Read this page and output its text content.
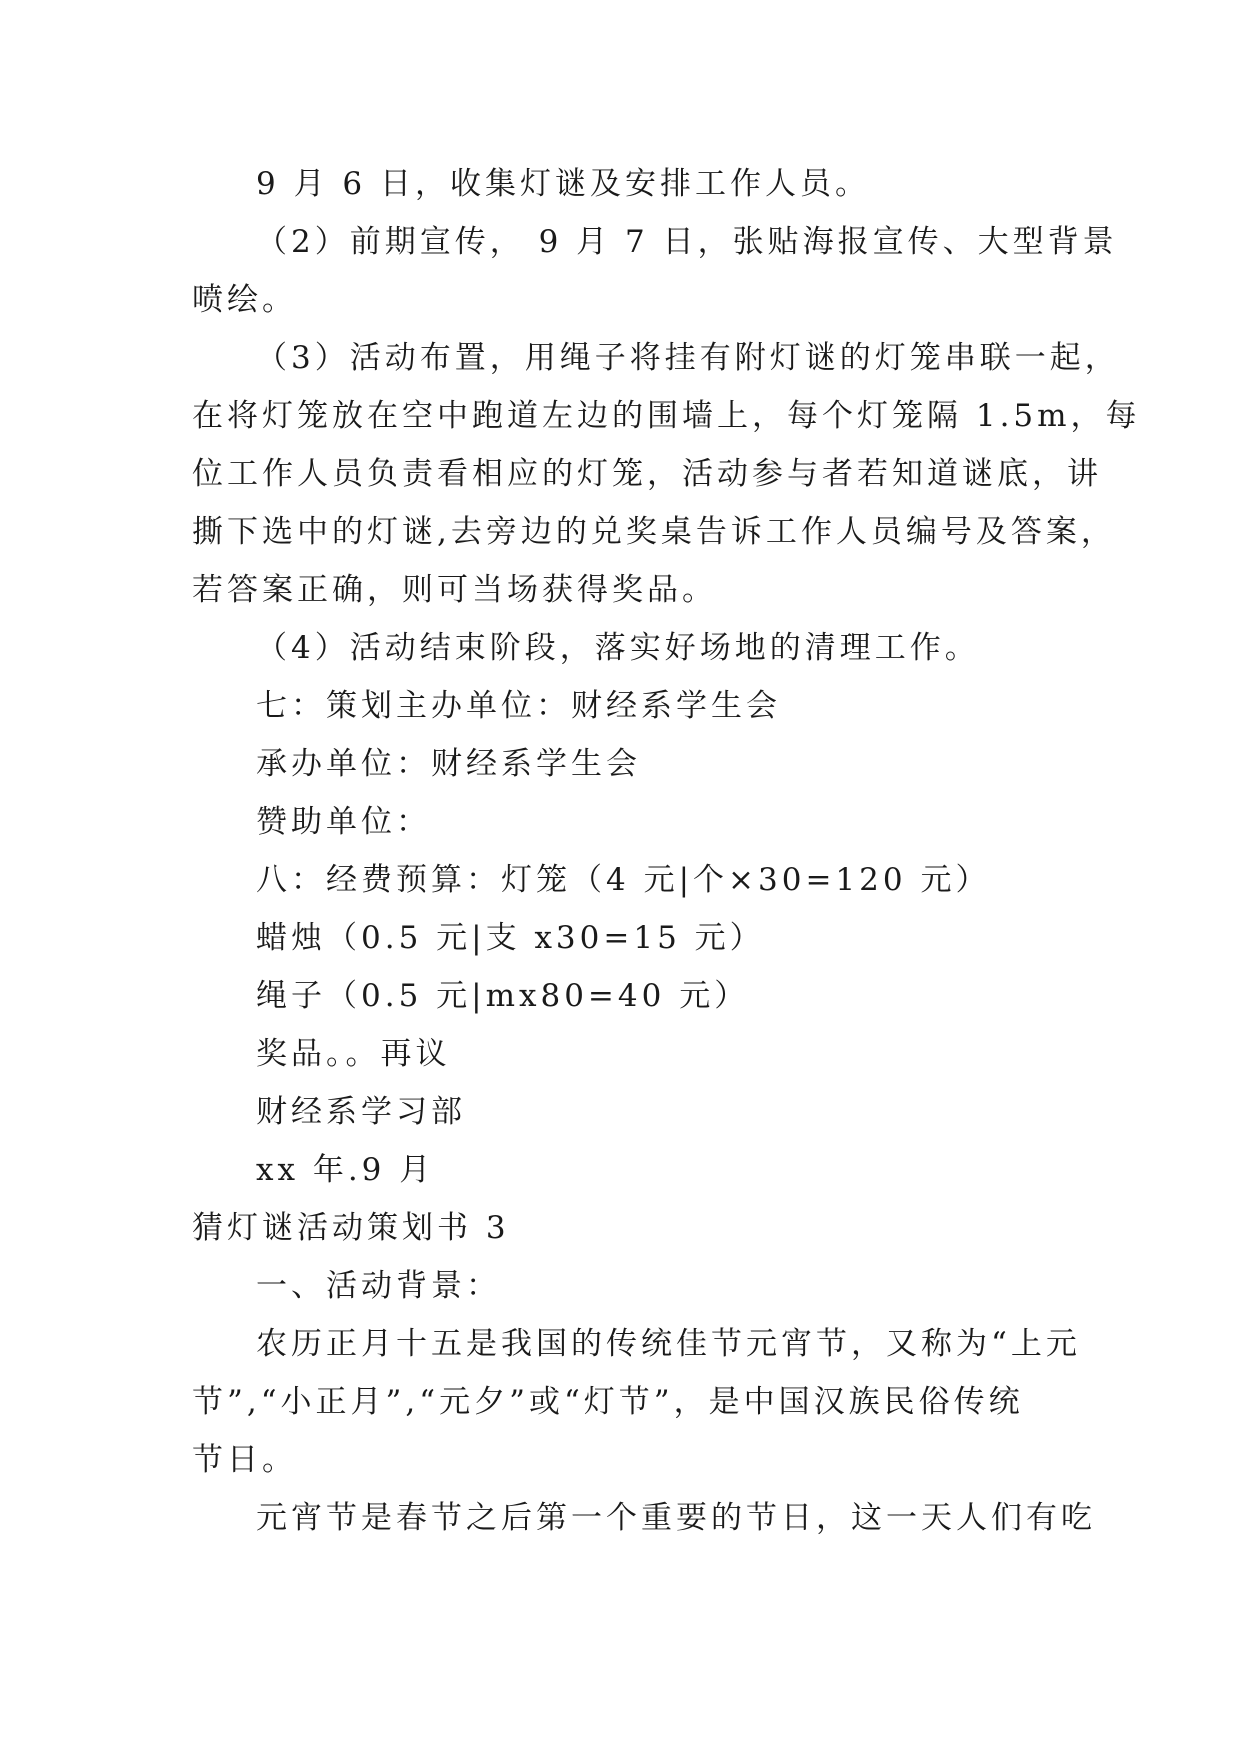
9 月 6 日，收集灯谜及安排工作人员。
（2）前期宣传， 9 月 7 日，张贴海报宣传、大型背景
喷绘。
（3）活动布置，用绳子将挂有附灯谜的灯笼串联一起，
在将灯笼放在空中跑道左边的围墙上，每个灯笼隔 1.5m，每
位工作人员负责看相应的灯笼，活动参与者若知道谜底，讲
撕下选中的灯谜,去旁边的兑奖桌告诉工作人员编号及答案，
若答案正确，则可当场获得奖品。
（4）活动结束阶段，落实好场地的清理工作。
七：策划主办单位：财经系学生会
承办单位：财经系学生会
赞助单位：
八：经费预算：灯笼（4 元|个×30=120 元）
蜡烛（0.5 元|支 x30=15 元）
绳子（0.5 元|mx80=40 元）
奖品。。再议
财经系学习部
xx 年.9 月
猜灯谜活动策划书 3
一、活动背景：
农历正月十五是我国的传统佳节元宵节，又称为“上元
节”,“小正月”,“元夕”或“灯节”，是中国汉族民俗传统
节日。
元宵节是春节之后第一个重要的节日，这一天人们有吃
